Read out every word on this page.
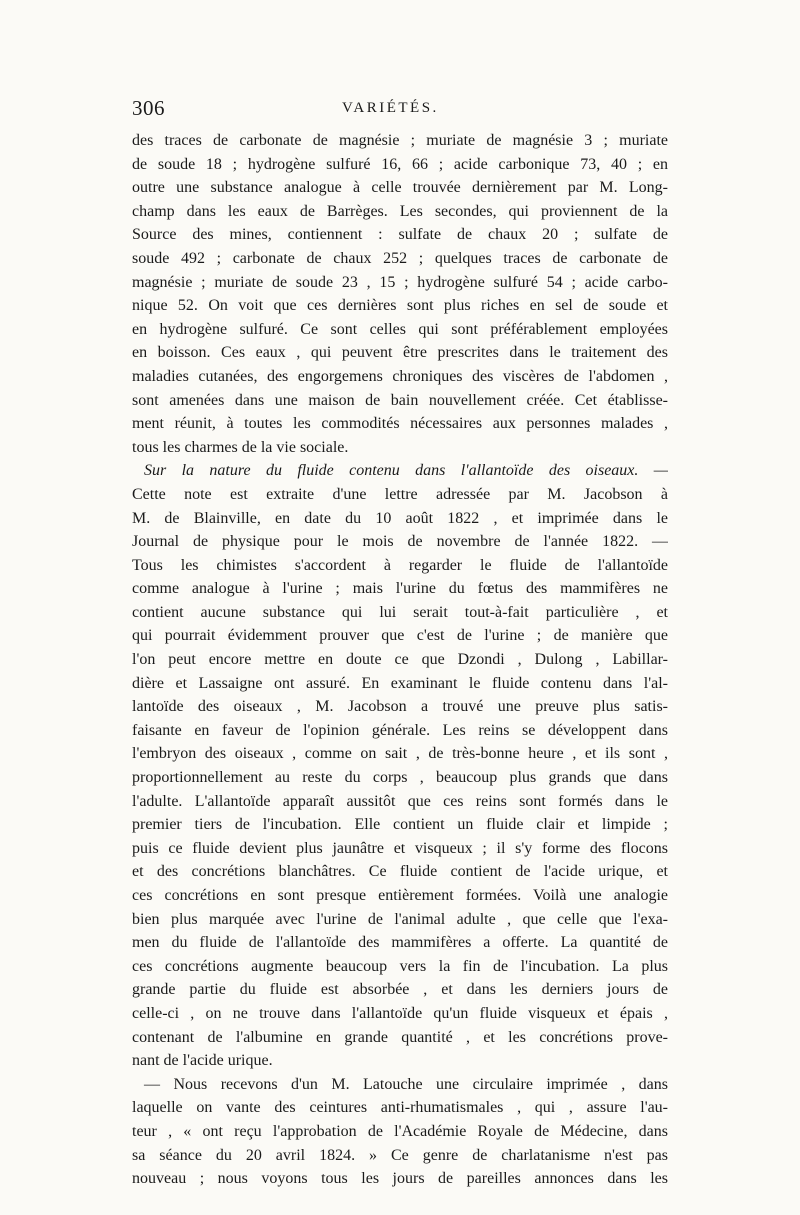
306	VARIÉTÉS.
des traces de carbonate de magnésie ; muriate de magnésie 3 ; muriate
de soude 18 ; hydrogène sulfuré 16, 66 ; acide carbonique 73, 40 ; en
outre une substance analogue à celle trouvée dernièrement par M. Long-
champ dans les eaux de Barrèges. Les secondes, qui proviennent de la
Source des mines, contiennent : sulfate de chaux 20 ; sulfate de
soude 492 ; carbonate de chaux 252 ; quelques traces de carbonate de
magnésie ; muriate de soude 23 , 15 ; hydrogène sulfuré 54 ; acide carbo-
nique 52. On voit que ces dernières sont plus riches en sel de soude et
en hydrogène sulfuré. Ce sont celles qui sont préférablement employées
en boisson. Ces eaux , qui peuvent être prescrites dans le traitement des
maladies cutanées, des engorgemens chroniques des viscères de l'abdomen ,
sont amenées dans une maison de bain nouvellement créée. Cet établisse-
ment réunit, à toutes les commodités nécessaires aux personnes malades ,
tous les charmes de la vie sociale.
Sur la nature du fluide contenu dans l'allantoïde des oiseaux. —
Cette note est extraite d'une lettre adressée par M. Jacobson à
M. de Blainville, en date du 10 août 1822 , et imprimée dans le
Journal de physique pour le mois de novembre de l'année 1822. —
Tous les chimistes s'accordent à regarder le fluide de l'allantoïde
comme analogue à l'urine ; mais l'urine du fœtus des mammifères ne
contient aucune substance qui lui serait tout-à-fait particulière , et
qui pourrait évidemment prouver que c'est de l'urine ; de manière que
l'on peut encore mettre en doute ce que Dzondi , Dulong , Labillar-
dière et Lassaigne ont assuré. En examinant le fluide contenu dans l'al-
lantoïde des oiseaux , M. Jacobson a trouvé une preuve plus satis-
faisante en faveur de l'opinion générale. Les reins se développent dans
l'embryon des oiseaux , comme on sait , de très-bonne heure , et ils sont ,
proportionnellement au reste du corps , beaucoup plus grands que dans
l'adulte. L'allantoïde apparaît aussitôt que ces reins sont formés dans le
premier tiers de l'incubation. Elle contient un fluide clair et limpide ;
puis ce fluide devient plus jaunâtre et visqueux ; il s'y forme des flocons
et des concrétions blanchâtres. Ce fluide contient de l'acide urique, et
ces concrétions en sont presque entièrement formées. Voilà une analogie
bien plus marquée avec l'urine de l'animal adulte , que celle que l'exa-
men du fluide de l'allantoïde des mammifères a offerte. La quantité de
ces concrétions augmente beaucoup vers la fin de l'incubation. La plus
grande partie du fluide est absorbée , et dans les derniers jours de
celle-ci , on ne trouve dans l'allantoïde qu'un fluide visqueux et épais ,
contenant de l'albumine en grande quantité , et les concrétions prove-
nant de l'acide urique.
— Nous recevons d'un M. Latouche une circulaire imprimée , dans
laquelle on vante des ceintures anti-rhumatismales , qui , assure l'au-
teur , « ont reçu l'approbation de l'Académie Royale de Médecine, dans
sa séance du 20 avril 1824. » Ce genre de charlatanisme n'est pas
nouveau ; nous voyons tous les jours de pareilles annonces dans les
